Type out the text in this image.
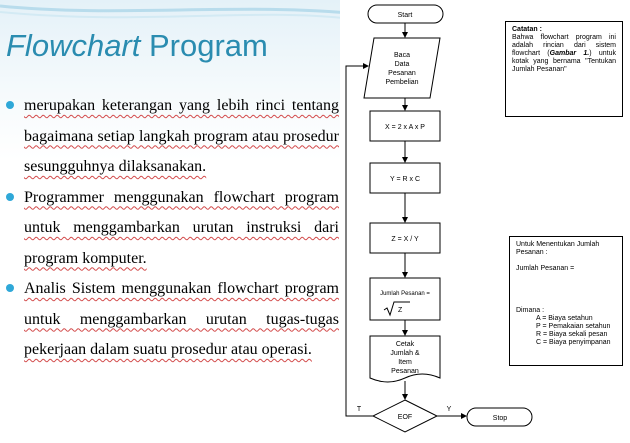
Flowchart Program
merupakan keterangan yang lebih rinci tentang bagaimana setiap langkah program atau prosedur sesungguhnya dilaksanakan.
Programmer menggunakan flowchart program untuk menggambarkan urutan instruksi dari program komputer.
Analis Sistem menggunakan flowchart program untuk menggambarkan urutan tugas-tugas pekerjaan dalam suatu prosedur atau operasi.
Start
Baca
Data
Pesanan
Pembelian
X = 2 x A x P
Y = R x C
Z = X / Y
Jumlah Pesanan =
Z
Cetak
Jumlah &
Item
Pesanan
EOF
T	Y
Stop
Catatan :
Bahwa flowchart program ini adalah rincian dari sistem flowchart (Gambar 1.) untuk kotak yang bernama "Tentukan Jumlah Pesanan"

Untuk Menentukan Jumlah Pesanan :

Jumlah Pesanan =

Dimana :

A = Biaya setahun

P = Pemakaian setahun

R = Biaya sekali pesan

C = Biaya penyimpanan
